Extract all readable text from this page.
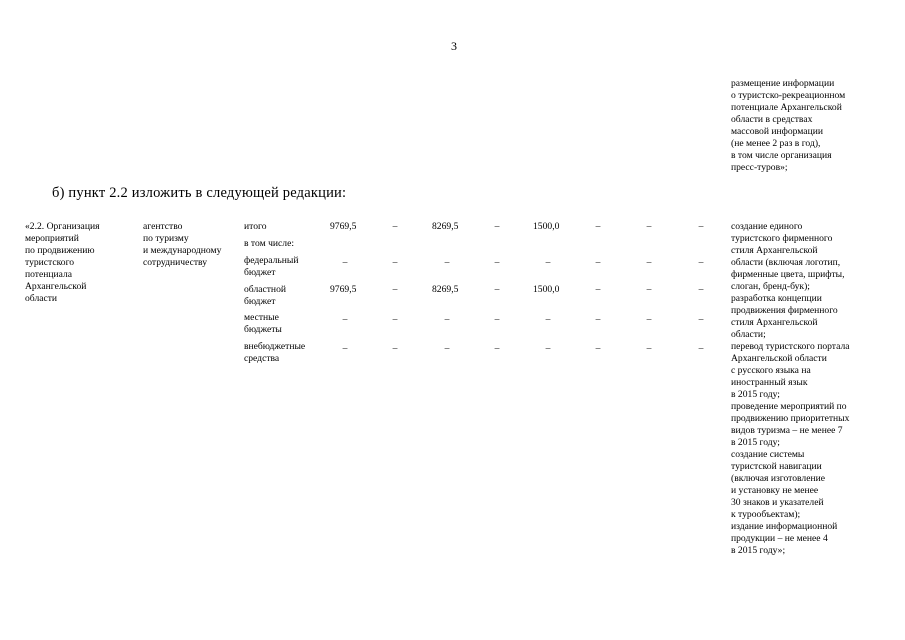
3
размещение информации
о туристско-рекреационном
потенциале Архангельской
области в средствах
массовой информации
(не менее 2 раз в год),
в том числе организация
пресс-туров»;
б) пункт 2.2 изложить в следующей редакции:
«2.2. Организация
мероприятий
по продвижению
туристского
потенциала
Архангельской
области
агентство
по туризму
и международному
сотрудничеству
итого	9769,5	–	8269,5	–	1500,0	–	–	–
в том числе:
федеральный
бюджет
–	–	–	–	–	–	–	–
областной
бюджет
9769,5	–	8269,5	–	1500,0	–	–	–
местные
бюджеты
–	–	–	–	–	–	–	–
внебюджетные
средства
–	–	–	–	–	–	–	–
создание единого
туристского фирменного
стиля Архангельской
области (включая логотип,
фирменные цвета, шрифты,
слоган, бренд-бук);
разработка концепции
продвижения фирменного
стиля Архангельской
области;
перевод туристского портала
Архангельской области
с русского языка на
иностранный язык
в 2015 году;
проведение мероприятий по
продвижению приоритетных
видов туризма – не менее 7
в 2015 году;
создание системы
туристской навигации
(включая изготовление
и установку не менее
30 знаков и указателей
к турообъектам);
издание информационной
продукции – не менее 4
в 2015 году»;
